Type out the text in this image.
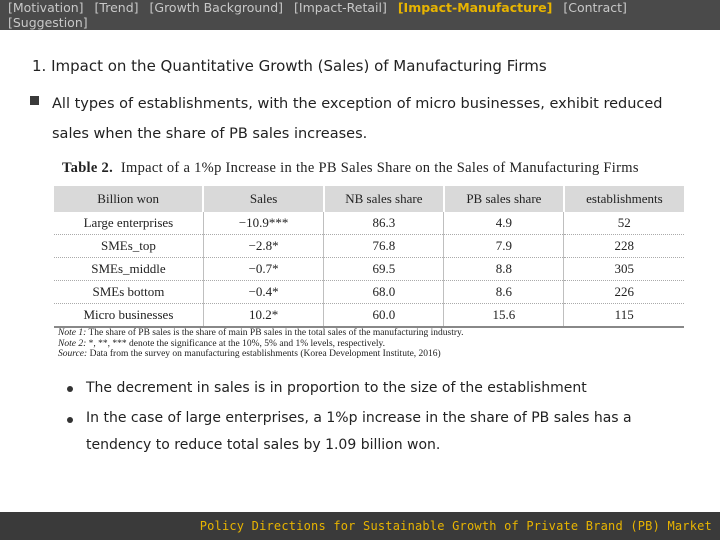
[Motivation] [Trend] [Growth Background] [Impact-Retail] [Impact-Manufacture] [Contract]
[Suggestion]
1. Impact on the Quantitative Growth (Sales) of Manufacturing Firms
All types of establishments, with the exception of micro businesses, exhibit reduced sales when the share of PB sales increases.
Table 2. Impact of a 1%p Increase in the PB Sales Share on the Sales of Manufacturing Firms
Billion won	Sales	NB sales share	PB sales share	establishments
Large enterprises	−10.9***	86.3	4.9	52
SMEs_top	−2.8*	76.8	7.9	228
SMEs_middle	−0.7*	69.5	8.8	305
SMEs bottom	−0.4*	68.0	8.6	226
Micro businesses	10.2*	60.0	15.6	115
Note 1: The share of PB sales is the share of main PB sales in the total sales of the manufacturing industry.
Note 2: *, **, *** denote the significance at the 10%, 5% and 1% levels, respectively.
Source: Data from the survey on manufacturing establishments (Korea Development Institute, 2016)
The decrement in sales is in proportion to the size of the establishment
In the case of large enterprises, a 1%p increase in the share of PB sales has a tendency to reduce total sales by 1.09 billion won.
Policy Directions for Sustainable Growth of Private Brand (PB) Market
